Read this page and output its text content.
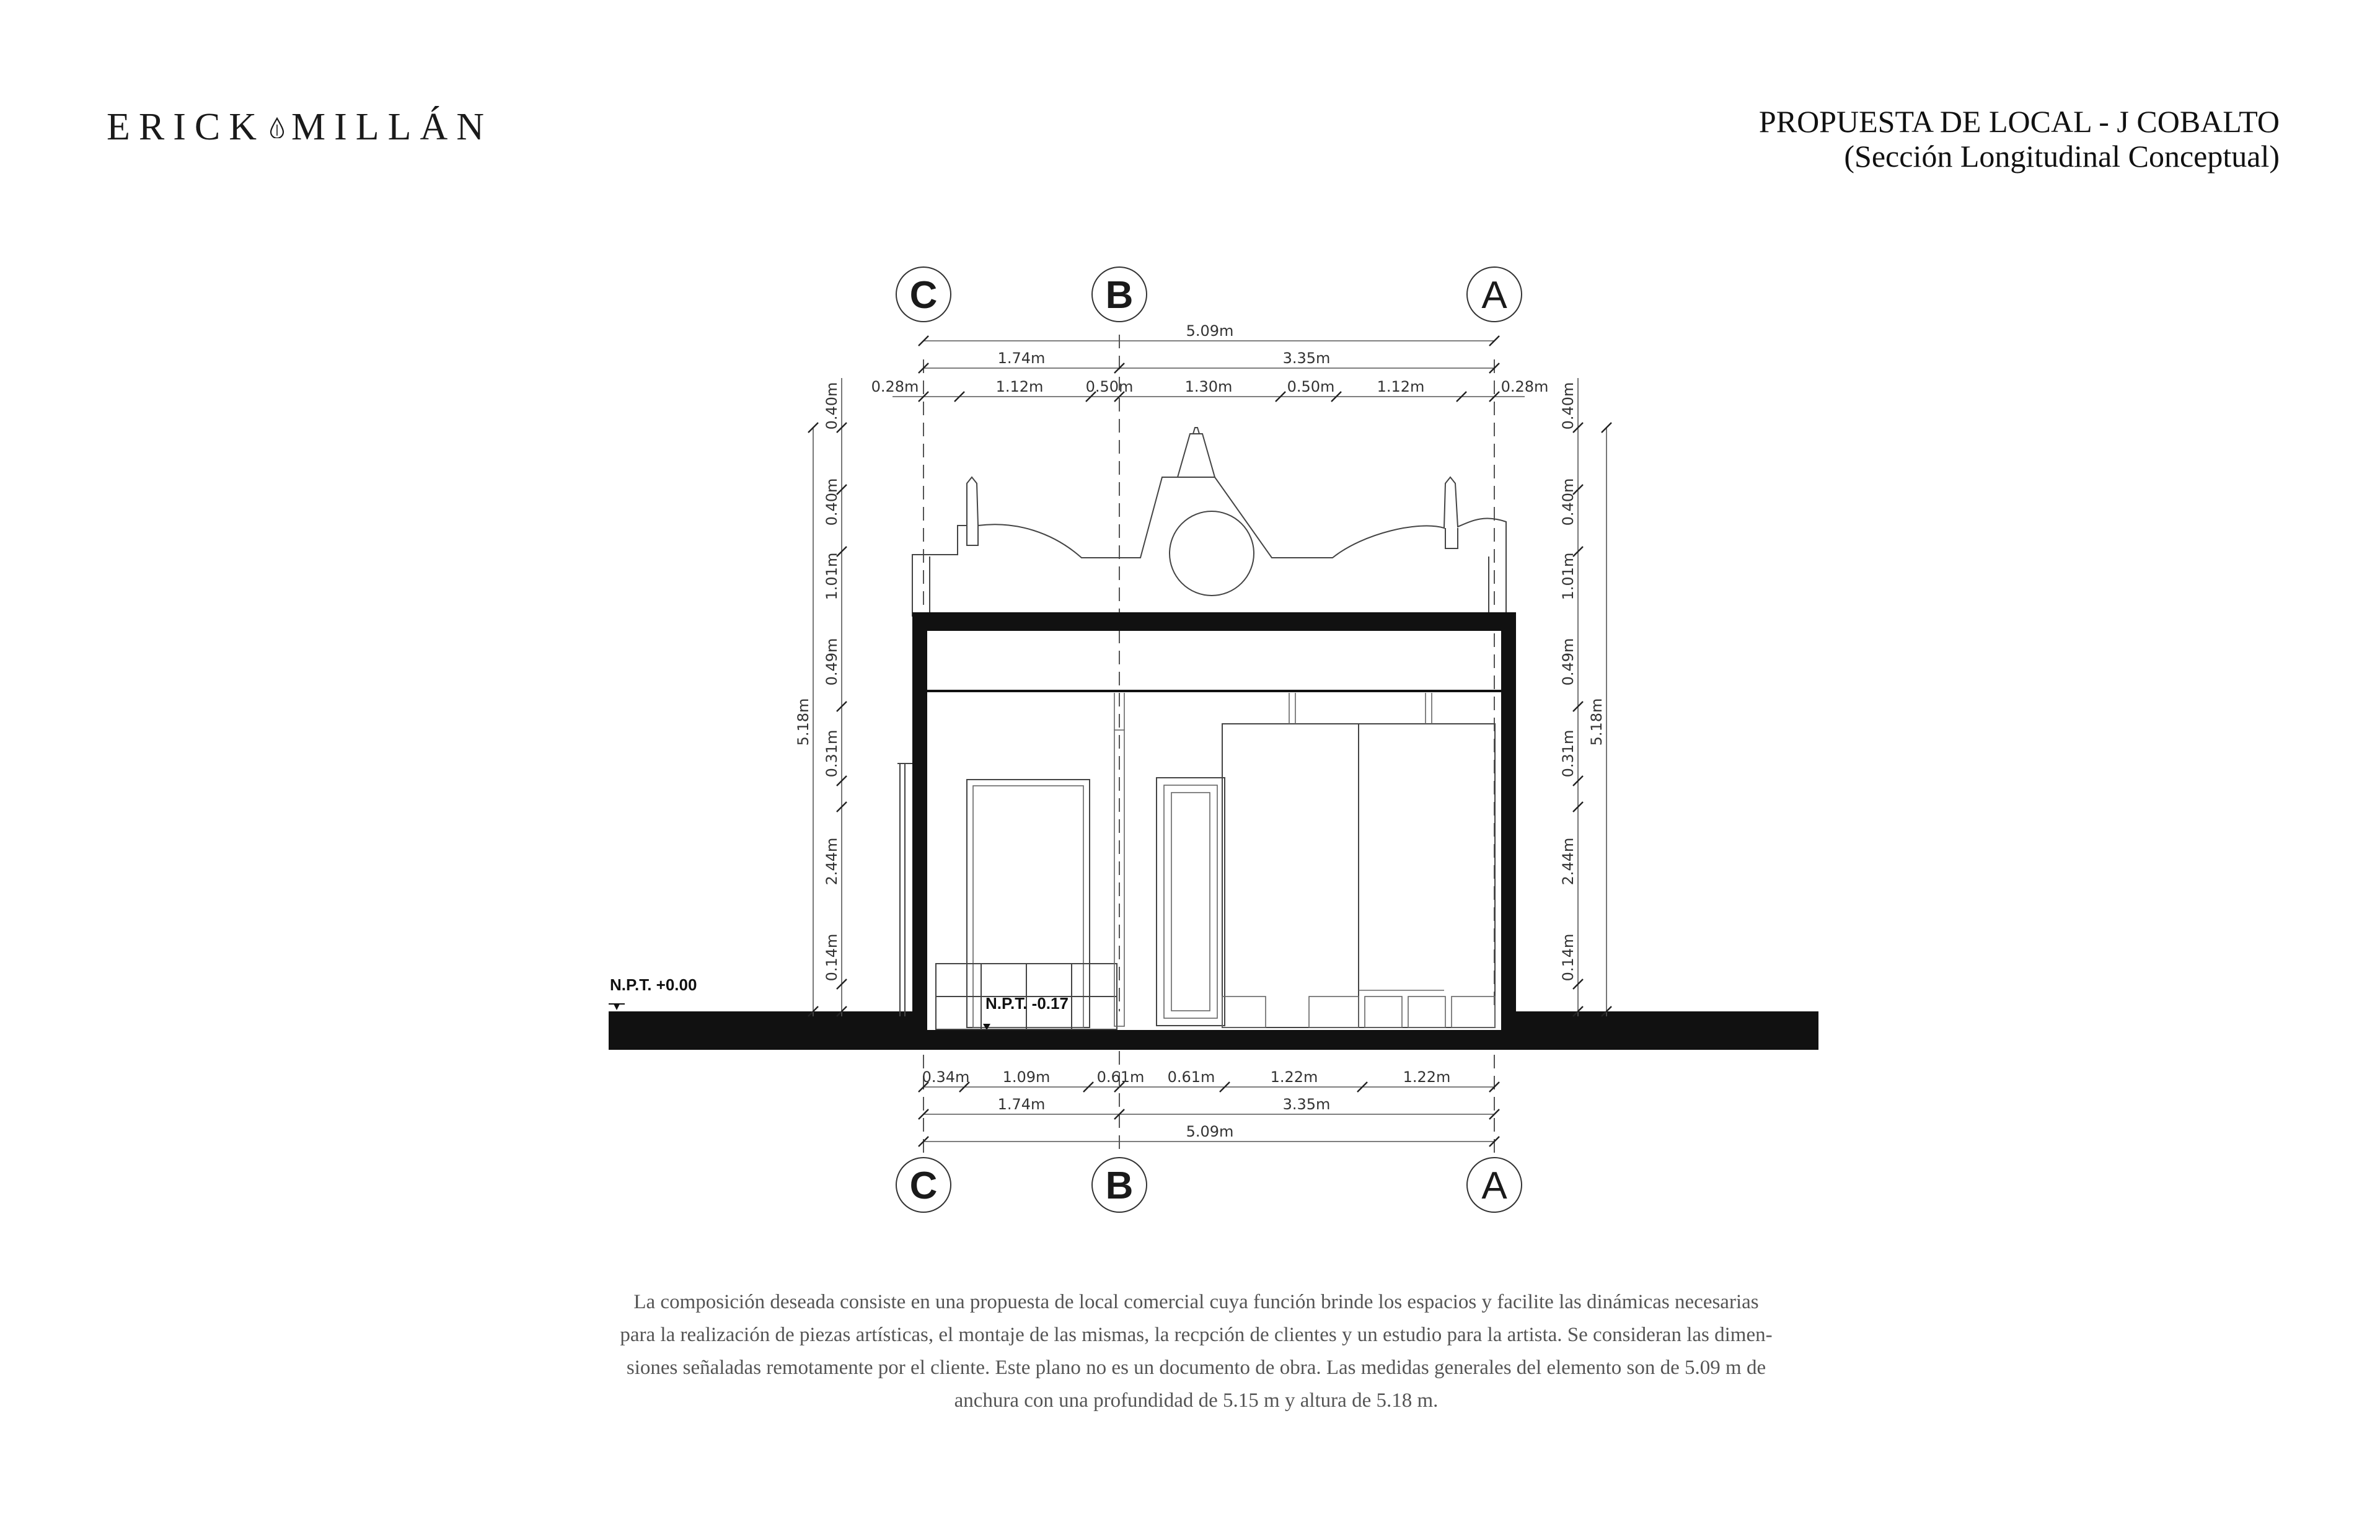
ERICK MILLÁN	PROPUESTA DE LOCAL - J COBALTO
(Sección Longitudinal Conceptual)
C	B	A
C	B	A
5.09m
1.74m	3.35m
0.28m	1.12m	0.50m	1.30m	0.50m	1.12m	0.28m
N.P.T. +0.00
N.P.T. -0.17
0.40m
0.40m
1.01m
0.49m
0.31m
2.44m
0.14m
5.18m
0.40m
0.40m
1.01m
0.49m
0.31m
2.44m
0.14m
5.18m
0.34m 1.09m	0.61m 0.61m	1.22m	1.22m
1.74m	3.35m
5.09m
La composición deseada consiste en una propuesta de local comercial cuya función brinde los espacios y facilite las dinámicas necesarias
para la realización de piezas artísticas, el montaje de las mismas, la recpción de clientes y un estudio para la artista. Se consideran las dimen-
siones señaladas remotamente por el cliente. Este plano no es un documento de obra. Las medidas generales del elemento son de 5.09 m de
anchura con una profundidad de 5.15 m y altura de 5.18 m.
